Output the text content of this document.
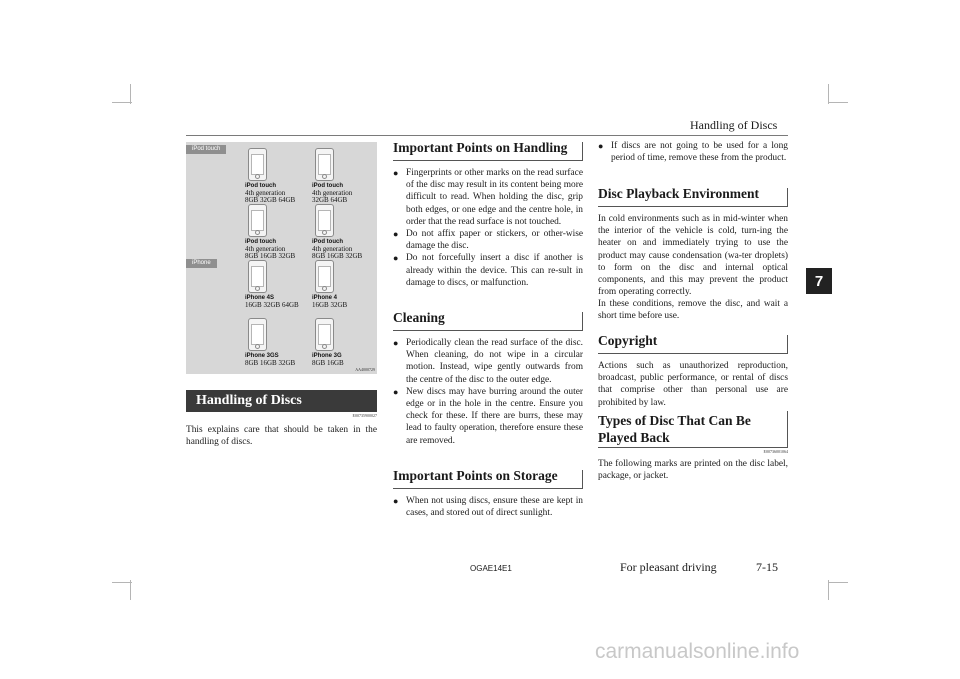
Handling of Discs
7
iPod touch
iPhone
iPod touch
4th generation
8GB 32GB 64GB
iPod touch
4th generation
32GB 64GB
iPod touch
4th generation
8GB 16GB 32GB
iPod touch
4th generation
8GB 16GB 32GB
iPhone 4S
16GB 32GB 64GB
iPhone 4
16GB 32GB
iPhone 3GS
8GB 16GB 32GB
iPhone 3G
8GB 16GB
AA4000729
Handling of Discs
E00735900027
This explains care that should be taken in the handling of discs.
Important Points on Handling
● Fingerprints or other marks on the read surface of the disc may result in its content being more difficult to read. When holding the disc, grip both edges, or one edge and the centre hole, in order that the read surface is not touched.
● Do not affix paper or stickers, or other-wise damage the disc.
● Do not forcefully insert a disc if another is already within the device. This can re-sult in damage to discs, or malfunction.
Cleaning
● Periodically clean the read surface of the disc. When cleaning, do not wipe in a circular motion. Instead, wipe gently outwards from the centre of the disc to the outer edge.
● New discs may have burring around the outer edge or in the hole in the centre. Ensure you check for these. If there are burrs, these may lead to faulty operation, therefore ensure these are removed.
Important Points on Storage
● When not using discs, ensure these are kept in cases, and stored out of direct sunlight.
● If discs are not going to be used for a long period of time, remove these from the product.
Disc Playback Environment
In cold environments such as in mid-winter when the interior of the vehicle is cold, turn-ing the heater on and immediately trying to use the product may cause condensation (wa-ter droplets) to form on the disc and internal optical components, and this may prevent the product from operating correctly.
In these conditions, remove the disc, and wait a short time before use.
Copyright
Actions such as unauthorized reproduction, broadcast, public performance, or rental of discs that comprise other than personal use are prohibited by law.
Types of Disc That Can Be
Played Back
E00736001064
The following marks are printed on the disc label, package, or jacket.
OGAE14E1	For pleasant driving	7-15
carmanualsonline.info
